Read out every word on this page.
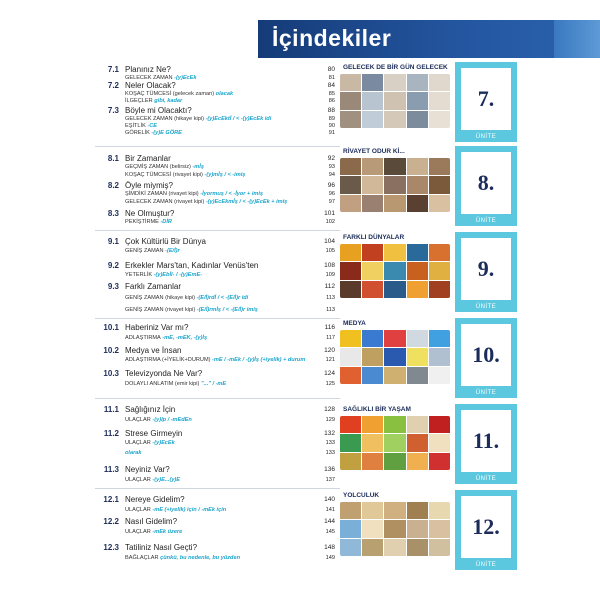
İçindekiler
7.1 Planınız Ne?	80
GELECEK ZAMAN -(y)EcEk	81
7.2 Neler Olacak?	84
KOŞAÇ TÜMCESİ (gelecek zaman) olacak	85
İLGEÇLER gibi, kadar	86
7.3 Böyle mi Olacaktı?	88
GELECEK ZAMAN (hikaye kipi) -(y)EcEktİ / < -(y)EcEk idi	89
EŞİTLİK -CE	90
GÖRELİK -(y)E GÖRE	91
8.1 Bir Zamanlar	92
GEÇMİŞ ZAMAN (belirsiz) -mİş	93
KOŞAÇ TÜMCESİ (rivayet kipi) -(y)mİş / < -imiş	94
8.2 Öyle miymiş?	96
ŞİMDİKİ ZAMAN (rivayet kipi) -İyormuş / < -İyor + imiş	96
GELECEK ZAMAN (rivayet kipi) -(y)EcEkmİş / < -(y)EcEk + imiş	97
8.3 Ne Olmuştur?	101
PEKİŞTİRME -DİR	102
9.1 Çok Kültürlü Bir Dünya	104
GENİŞ ZAMAN -(E/İ)r	105
9.2 Erkekler Mars'tan, Kadınlar Venüs'ten	108
YETERLİK -(y)Ebİl- / -(y)EmE-	109
9.3 Farklı Zamanlar	112
GENİŞ ZAMAN (hikaye kipi) -(E/İ)rdİ / < -(E/İ)r idi	113
GENİŞ ZAMAN (rivayet kipi) -(E/İ)rmİş / < -(E/İ)r imiş	113
10.1 Haberiniz Var mı?	116
ADLAŞTIRMA -mE, -mEK, -(y)İş	117
10.2 Medya ve İnsan	120
ADLAŞTIRMA (+İYELİK+DURUM) -mE / -mEk / -(y)İş (+iyelik) + durum	121
10.3 Televizyonda Ne Var?	124
DOLAYLI ANLATIM (emir kipi) "..." / -mE	125
11.1 Sağlığınız İçin	128
ULAÇLAR -(y)Ip / -mEdEn	129
11.2 Strese Girmeyin	132
ULAÇLAR -(y)EcEk	133
olarak	133
11.3 Neyiniz Var?	136
ULAÇLAR -(y)E...(y)E	137
12.1 Nereye Gidelim?	140
ULAÇLAR -mE (+iyelik) için / -mEk için	141
12.2 Nasıl Gidelim?	144
ULAÇLAR -mEk üzere	145
12.3 Tatiliniz Nasıl Geçti?	148
BAĞLAÇLAR çünkü, bu nedenle, bu yüzden	149
GELECEK DE BİR GÜN GELECEK
7.
ÜNİTE
RİVAYET ODUR Kİ...
8.
ÜNİTE
FARKLI DÜNYALAR
9.
ÜNİTE
MEDYA
10.
ÜNİTE
SAĞLIKLI BİR YAŞAM
11.
ÜNİTE
YOLCULUK
12.
ÜNİTE
